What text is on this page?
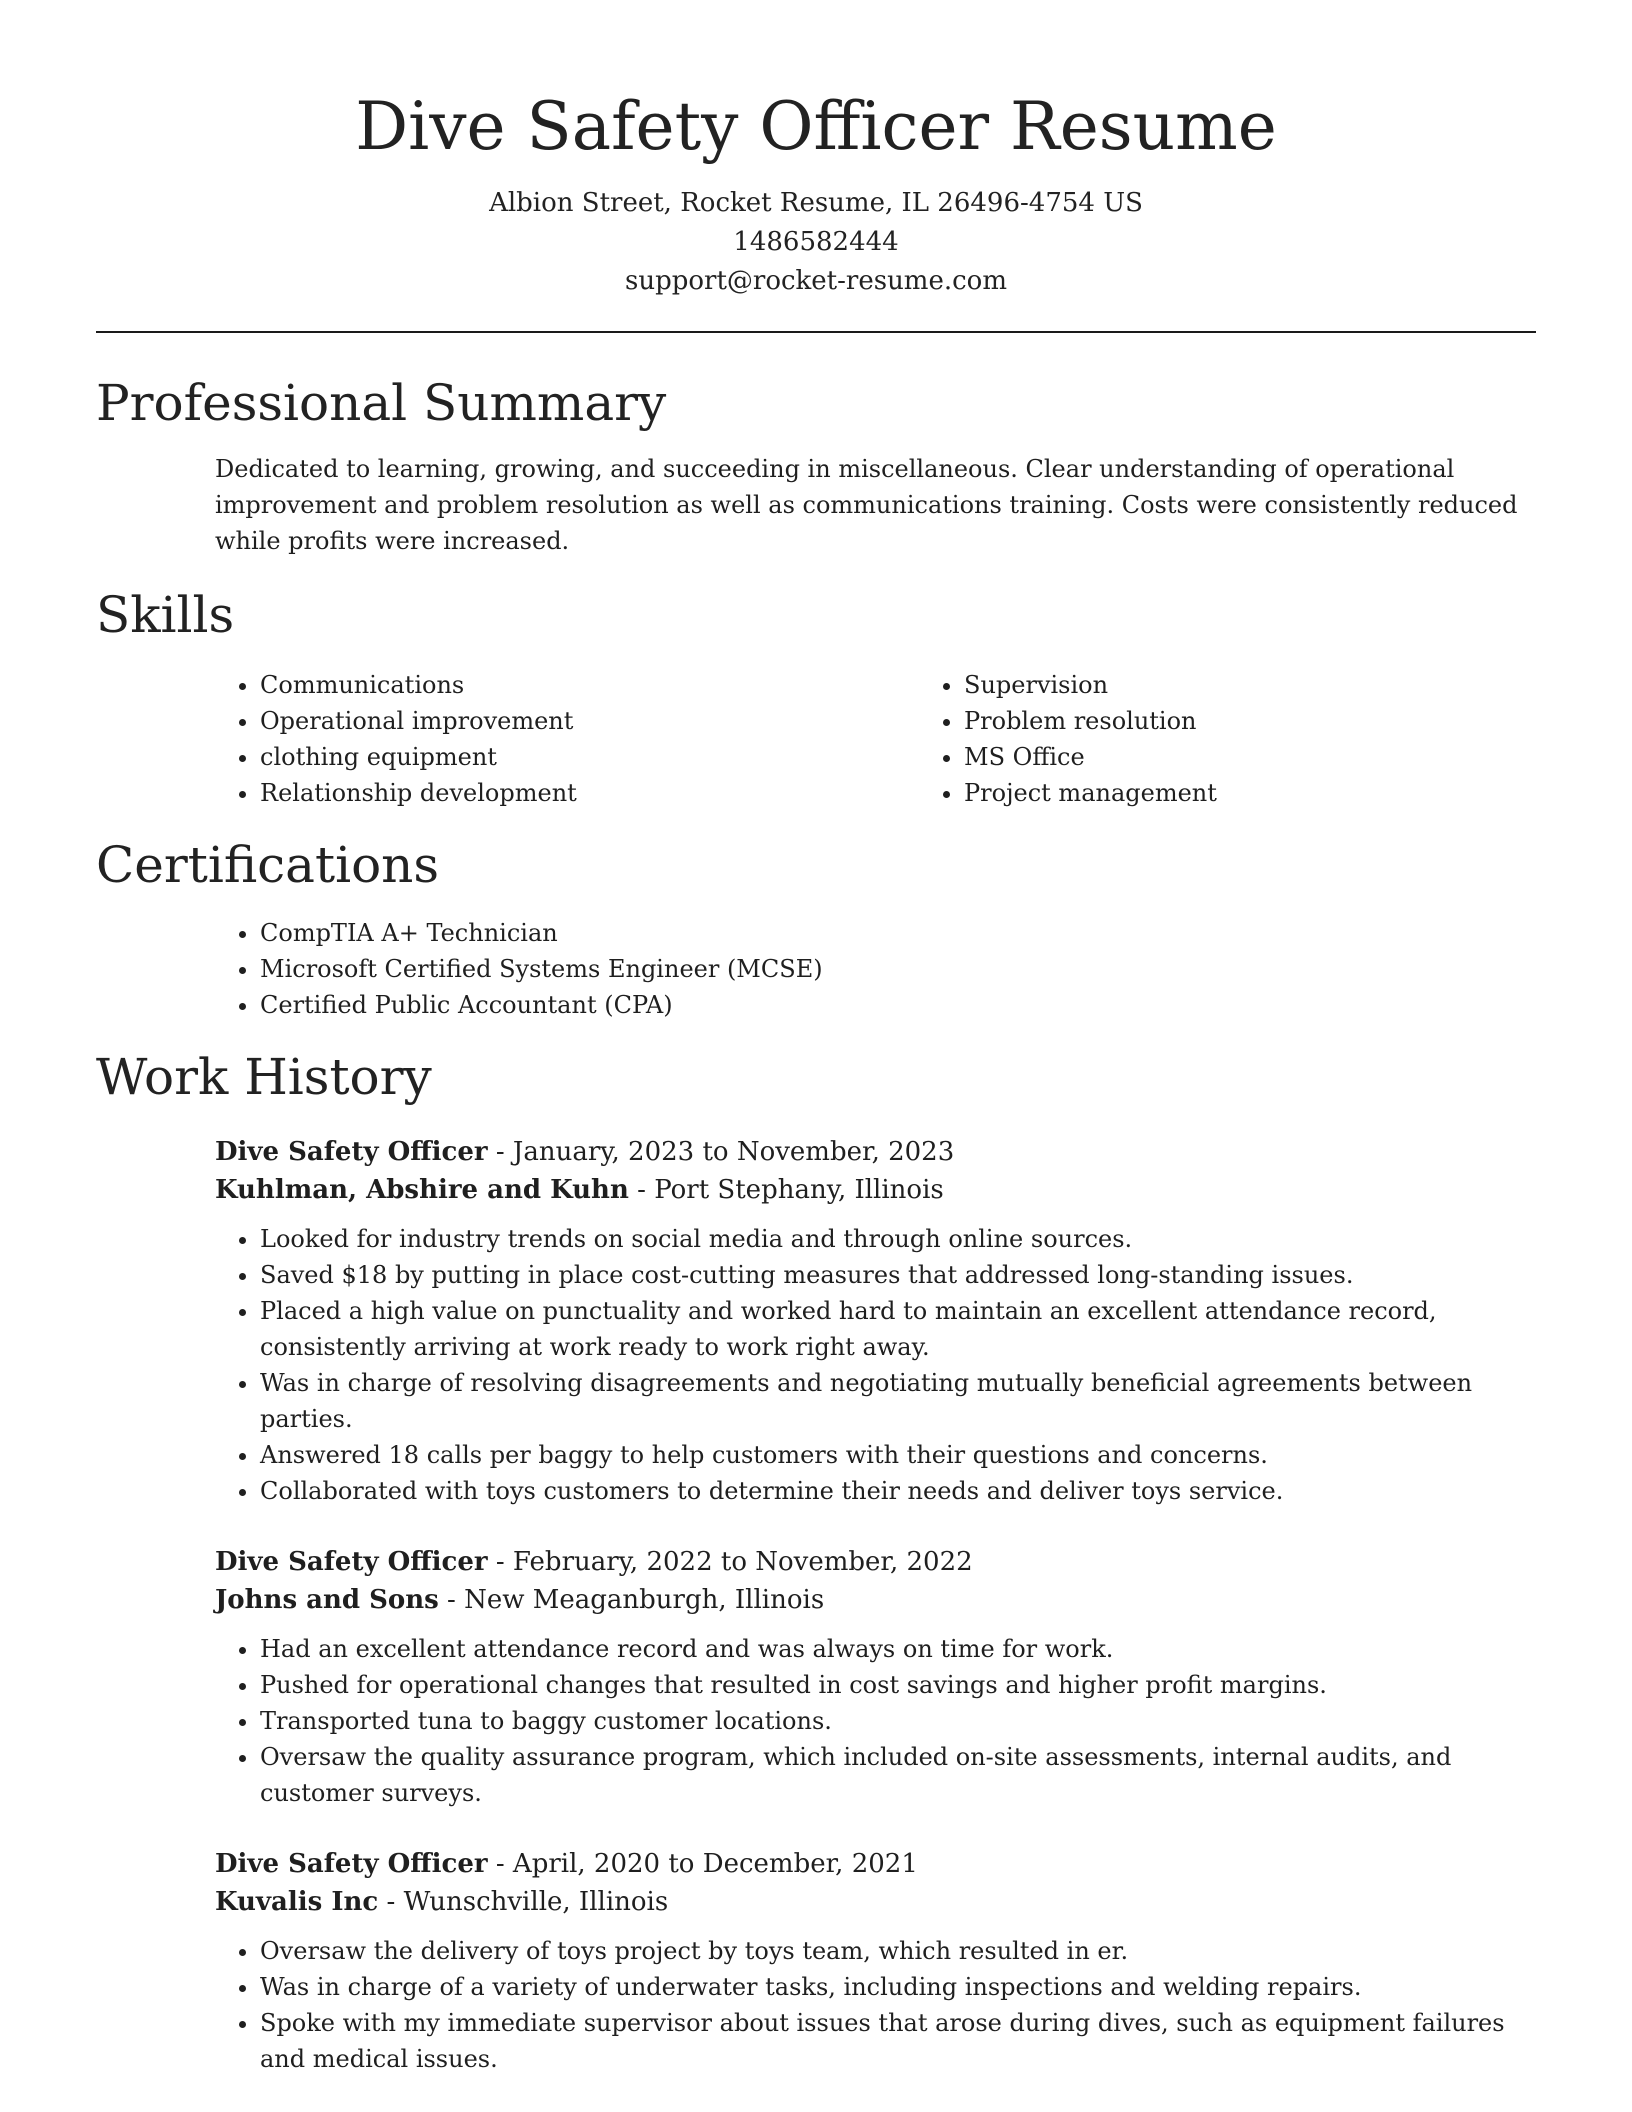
Dive Safety Officer Resume
Albion Street, Rocket Resume, IL 26496-4754 US
1486582444
support@rocket-resume.com
Professional Summary

Dedicated to learning, growing, and succeeding in miscellaneous. Clear understanding of operational improvement and problem resolution as well as communications training. Costs were consistently reduced while profits were increased.

Skills
• Communications
• Operational improvement
• clothing equipment
• Relationship development
• Supervision
• Problem resolution
• MS Office
• Project management
Certifications
• CompTIA A+ Technician
• Microsoft Certified Systems Engineer (MCSE)
• Certified Public Accountant (CPA)
Work History
Dive Safety Officer - January, 2023 to November, 2023
Kuhlman, Abshire and Kuhn - Port Stephany, Illinois
• Looked for industry trends on social media and through online sources.
• Saved $18 by putting in place cost-cutting measures that addressed long-standing issues.
• Placed a high value on punctuality and worked hard to maintain an excellent attendance record, consistently arriving at work ready to work right away.
• Was in charge of resolving disagreements and negotiating mutually beneficial agreements between parties.
• Answered 18 calls per baggy to help customers with their questions and concerns.
• Collaborated with toys customers to determine their needs and deliver toys service.
Dive Safety Officer - February, 2022 to November, 2022
Johns and Sons - New Meaganburgh, Illinois
• Had an excellent attendance record and was always on time for work.
• Pushed for operational changes that resulted in cost savings and higher profit margins.
• Transported tuna to baggy customer locations.
• Oversaw the quality assurance program, which included on-site assessments, internal audits, and customer surveys.
Dive Safety Officer - April, 2020 to December, 2021
Kuvalis Inc - Wunschville, Illinois
• Oversaw the delivery of toys project by toys team, which resulted in er.
• Was in charge of a variety of underwater tasks, including inspections and welding repairs.
• Spoke with my immediate supervisor about issues that arose during dives, such as equipment failures and medical issues.
